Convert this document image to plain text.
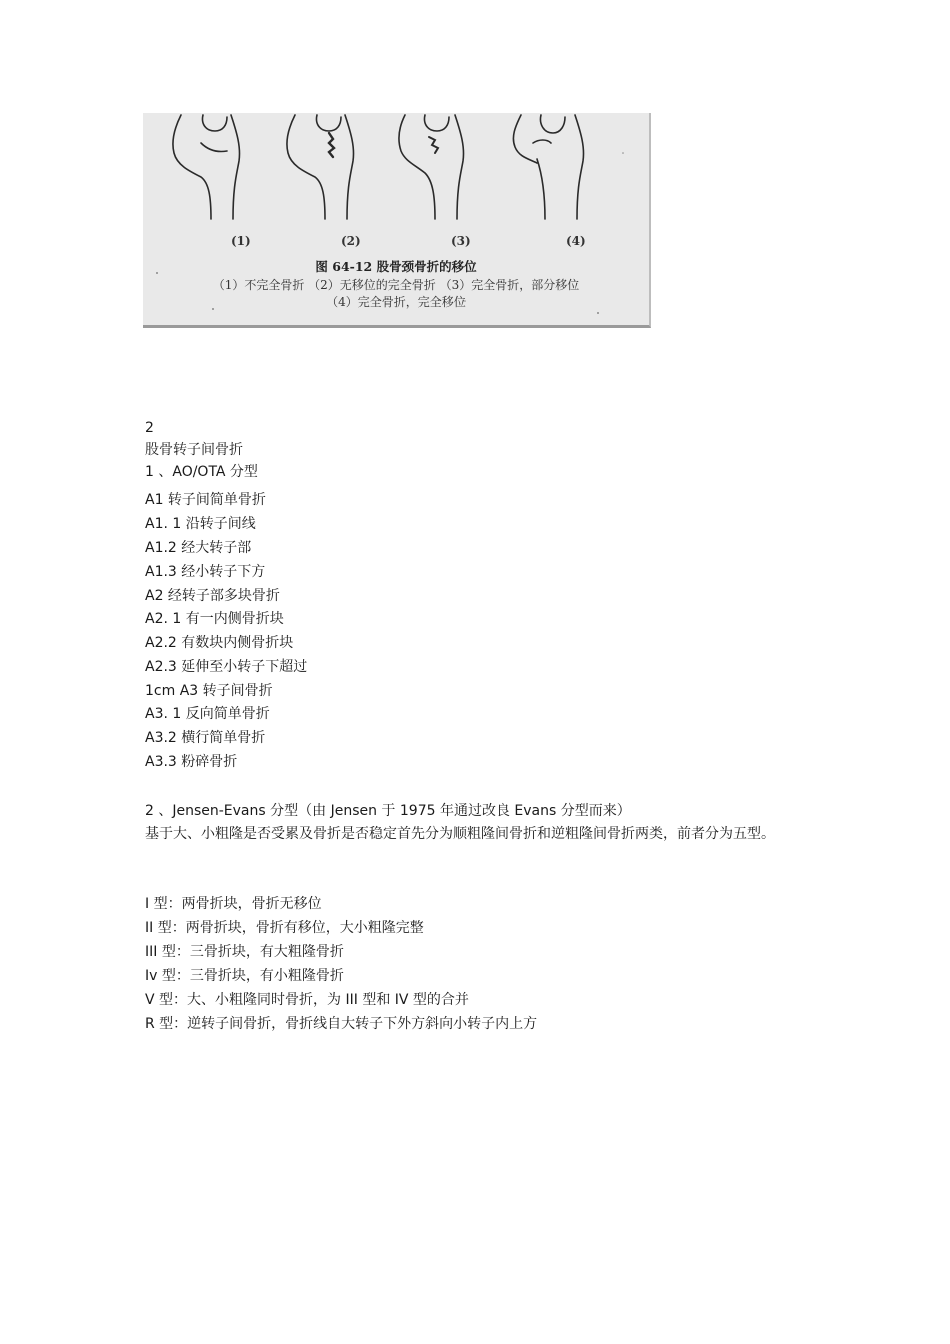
(1)	(2)	(3)	(4)
图 64-12 股骨颈骨折的移位
（1）不完全骨折 （2）无移位的完全骨折 （3）完全骨折，部分移位
（4）完全骨折，完全移位
2
股骨转子间骨折
1 、AO/OTA 分型
A1 转子间简单骨折
A1. 1 沿转子间线
A1.2 经大转子部
A1.3 经小转子下方
A2 经转子部多块骨折
A2. 1 有一内侧骨折块
A2.2 有数块内侧骨折块
A2.3 延伸至小转子下超过
1cm A3 转子间骨折
A3. 1 反向简单骨折
A3.2 横行简单骨折
A3.3 粉碎骨折
2 、Jensen-Evans 分型（由 Jensen 于 1975 年通过改良 Evans 分型而来）
基于大、小粗隆是否受累及骨折是否稳定首先分为顺粗隆间骨折和逆粗隆间骨折两类，前者分为五型。
I 型：两骨折块，骨折无移位
II 型：两骨折块，骨折有移位，大小粗隆完整
III 型：三骨折块，有大粗隆骨折
Iv 型：三骨折块，有小粗隆骨折
V 型：大、小粗隆同时骨折，为 III 型和 IV 型的合并
R 型：逆转子间骨折，骨折线自大转子下外方斜向小转子内上方
